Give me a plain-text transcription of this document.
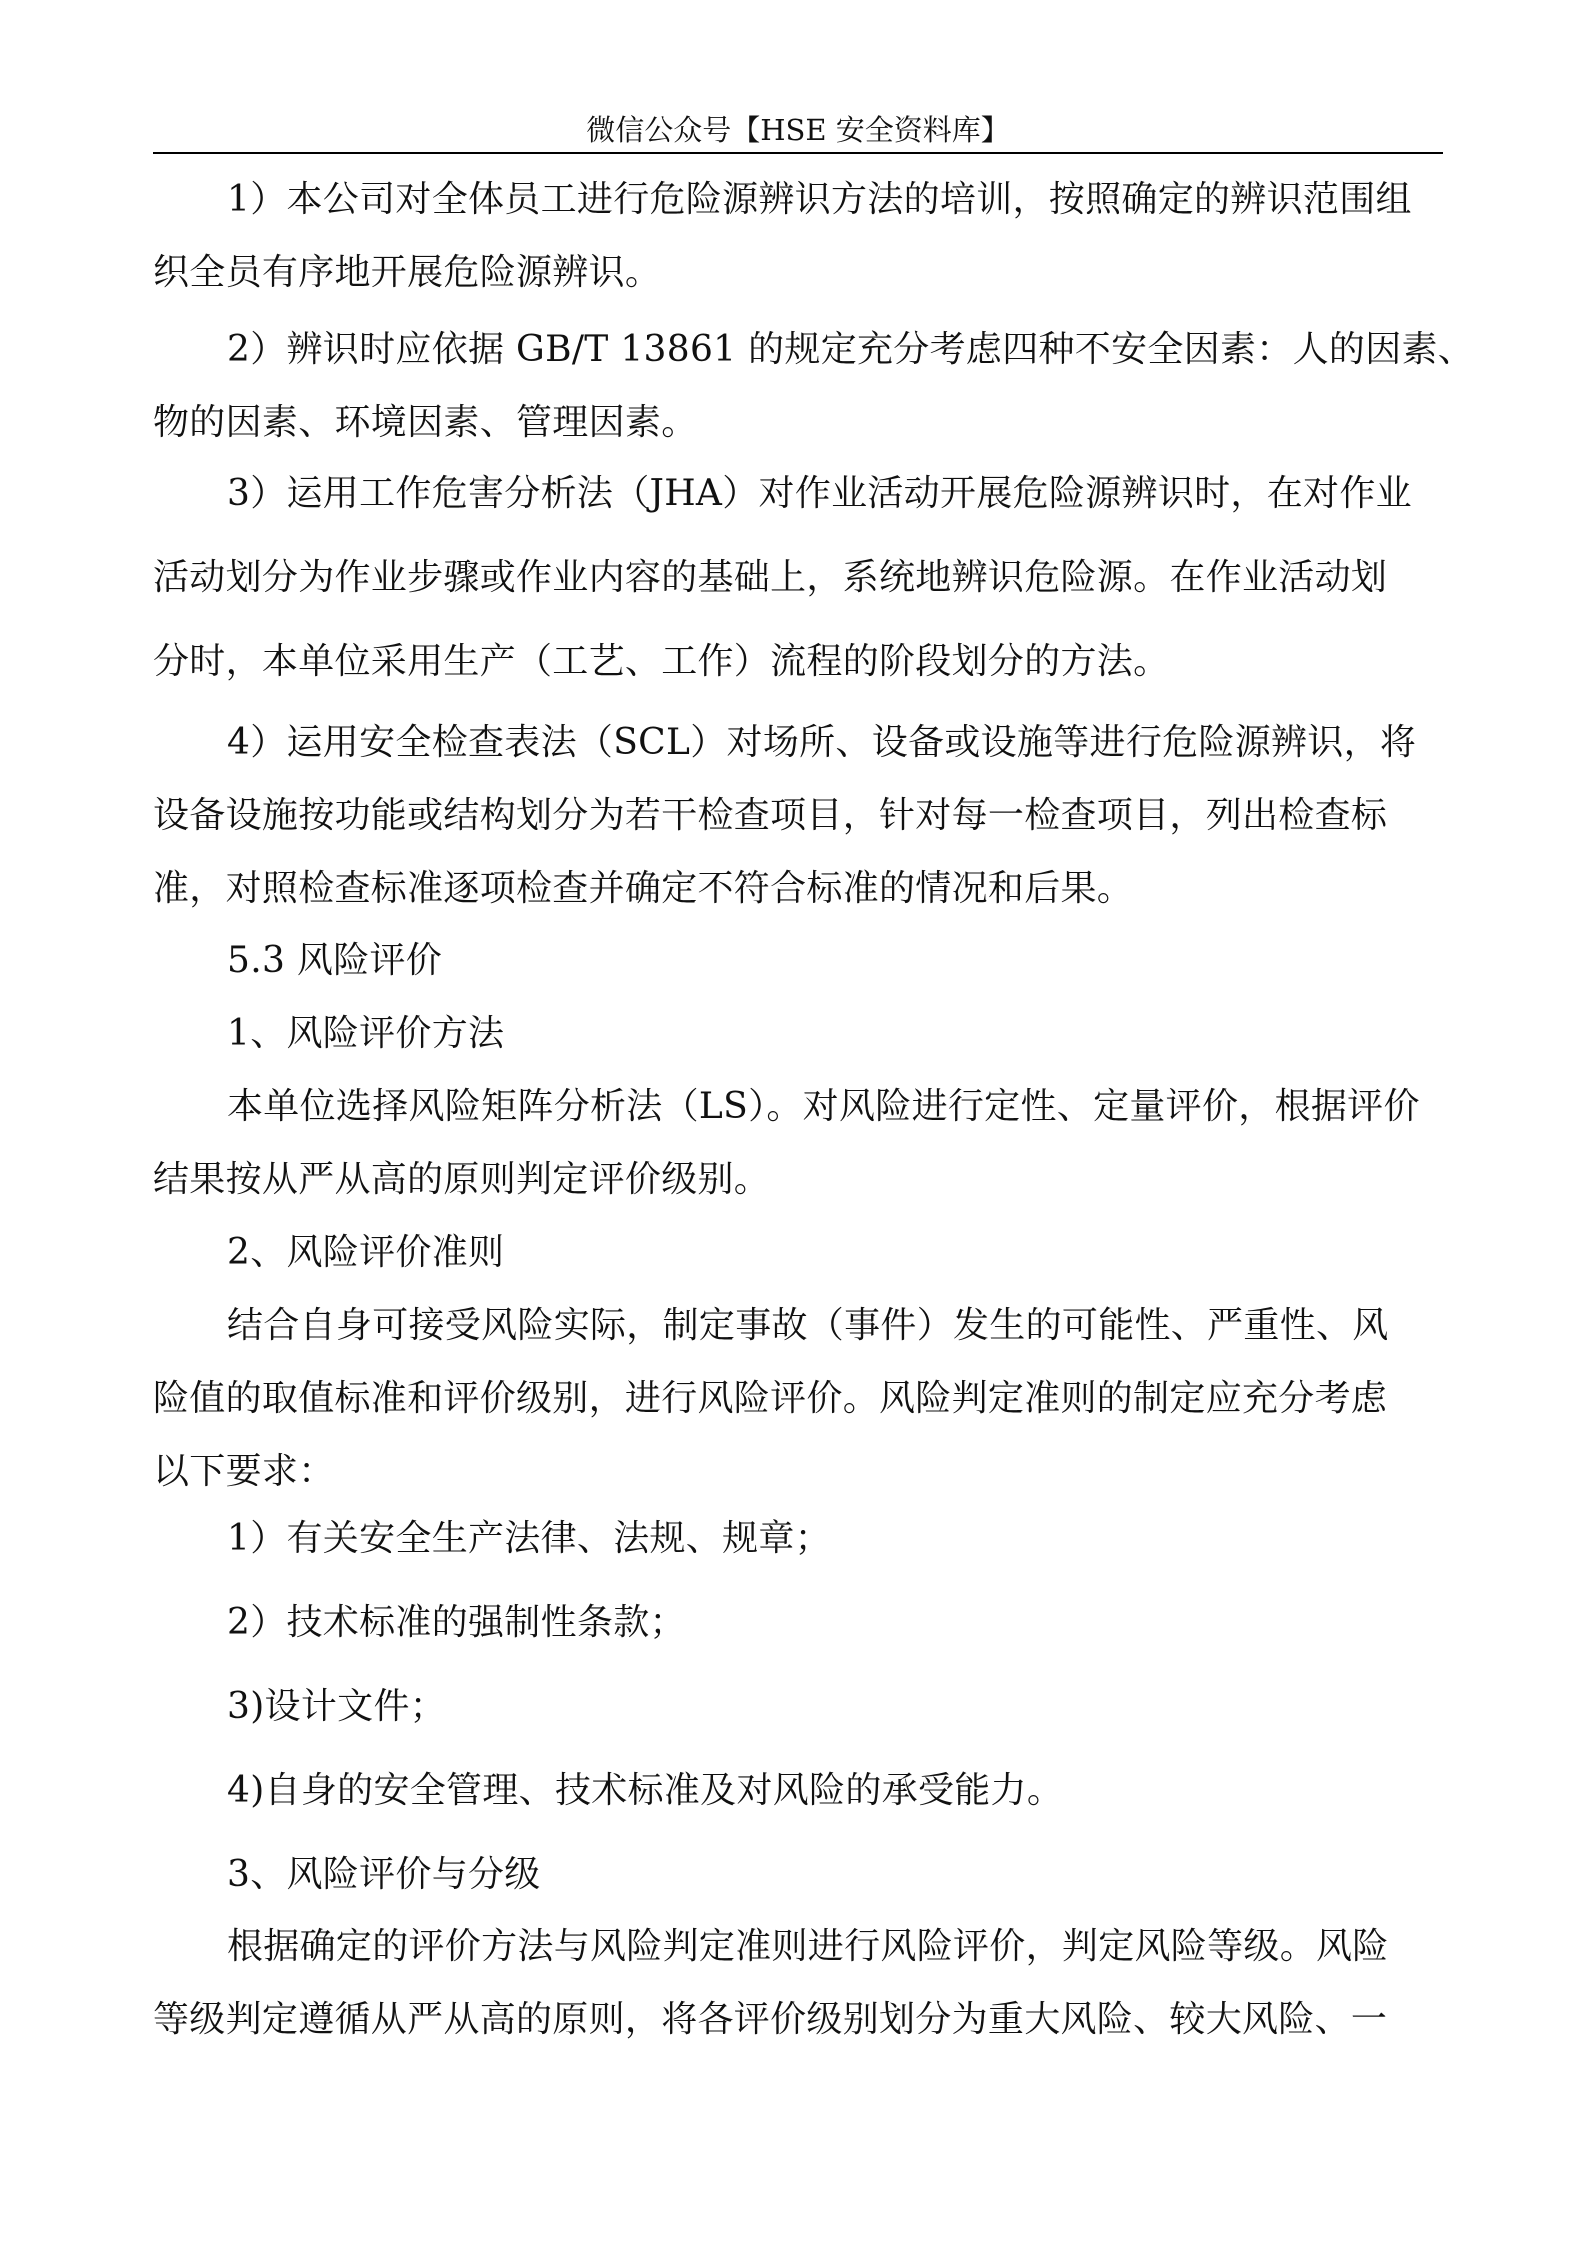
微信公众号【HSE 安全资料库】
1）本公司对全体员工进行危险源辨识方法的培训，按照确定的辨识范围组
织全员有序地开展危险源辨识。
2）辨识时应依据 GB/T 13861 的规定充分考虑四种不安全因素：人的因素、
物的因素、环境因素、管理因素。
3）运用工作危害分析法（JHA）对作业活动开展危险源辨识时，在对作业
活动划分为作业步骤或作业内容的基础上，系统地辨识危险源。在作业活动划
分时，本单位采用生产（工艺、工作）流程的阶段划分的方法。
4）运用安全检查表法（SCL）对场所、设备或设施等进行危险源辨识，将
设备设施按功能或结构划分为若干检查项目，针对每一检查项目，列出检查标
准，对照检查标准逐项检查并确定不符合标准的情况和后果。
5.3 风险评价
1、风险评价方法
本单位选择风险矩阵分析法（LS）。对风险进行定性、定量评价，根据评价
结果按从严从高的原则判定评价级别。
2、风险评价准则
结合自身可接受风险实际，制定事故（事件）发生的可能性、严重性、风
险值的取值标准和评价级别，进行风险评价。风险判定准则的制定应充分考虑
以下要求：
1）有关安全生产法律、法规、规章；
2）技术标准的强制性条款；
3)设计文件；
4)自身的安全管理、技术标准及对风险的承受能力。
3、风险评价与分级
根据确定的评价方法与风险判定准则进行风险评价，判定风险等级。风险
等级判定遵循从严从高的原则，将各评价级别划分为重大风险、较大风险、一
